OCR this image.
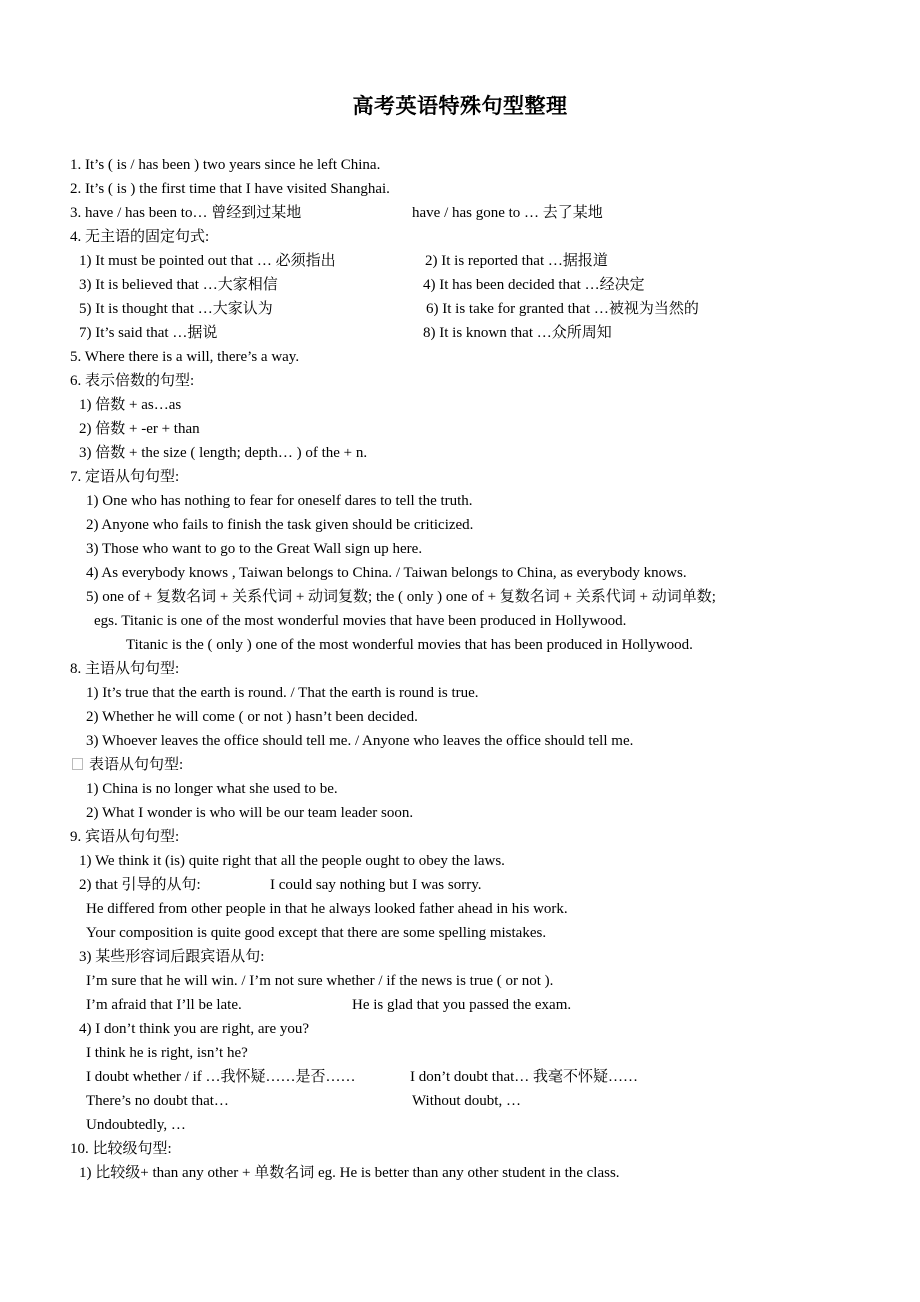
高考英语特殊句型整理
1. It’s ( is / has been ) two years since he left China.
2. It’s ( is ) the first time that I have visited Shanghai.
3. have / has been to… 曾经到过某地	have / has gone to … 去了某地
4. 无主语的固定句式:
1) It must be pointed out that … 必须指出	2) It is reported that …据报道
3) It is believed that …大家相信	4) It has been decided that …经决定
5) It is thought that …大家认为	6) It is take for granted that …被视为当然的
7) It’s said that …据说	8) It is known that …众所周知
5. Where there is a will, there’s a way.
6. 表示倍数的句型:
1) 倍数 + as…as
2) 倍数 + -er + than
3) 倍数 + the size ( length; depth… ) of the + n.
7. 定语从句句型:
1) One who has nothing to fear for oneself dares to tell the truth.
2) Anyone who fails to finish the task given should be criticized.
3) Those who want to go to the Great Wall sign up here.
4) As everybody knows , Taiwan belongs to China. / Taiwan belongs to China, as everybody knows.
5) one of + 复数名词 + 关系代词 + 动词复数; the ( only ) one of + 复数名词 + 关系代词 + 动词单数;
egs. Titanic is one of the most wonderful movies that have been produced in Hollywood.
Titanic is the ( only ) one of the most wonderful movies that has been produced in Hollywood.
8. 主语从句句型:
1) It’s true that the earth is round. / That the earth is round is true.
2) Whether he will come ( or not ) hasn’t been decided.
3) Whoever leaves the office should tell me. / Anyone who leaves the office should tell me.
表语从句句型:
1) China is no longer what she used to be.
2) What I wonder is who will be our team leader soon.
9. 宾语从句句型:
1) We think it (is) quite right that all the people ought to obey the laws.
2) that 引导的从句:	I could say nothing but I was sorry.
He differed from other people in that he always looked father ahead in his work.
Your composition is quite good except that there are some spelling mistakes.
3) 某些形容词后跟宾语从句:
I’m sure that he will win. / I’m not sure whether / if the news is true ( or not ).
I’m afraid that I’ll be late.	He is glad that you passed the exam.
4) I don’t think you are right, are you?
I think he is right, isn’t he?
I doubt whether / if …我怀疑……是否……	I don’t doubt that… 我毫不怀疑……
There’s no doubt that…	Without doubt, …
Undoubtedly, …
10. 比较级句型:
1) 比较级+ than any other + 单数名词 eg. He is better than any other student in the class.
